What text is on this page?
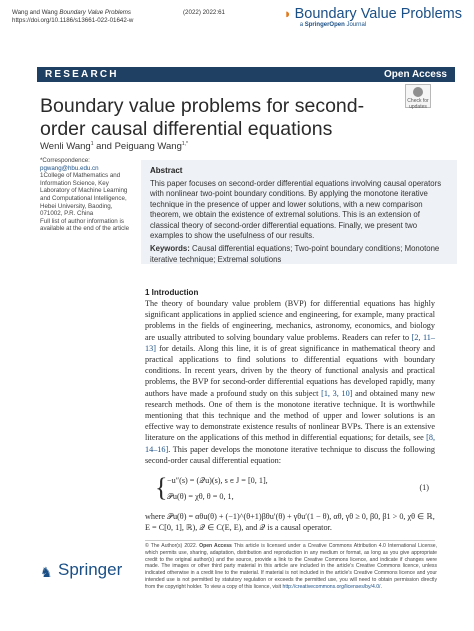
Wang and Wang Boundary Value Problems
https://doi.org/10.1186/s13661-022-01642-w
(2022) 2022:61	◗ Boundary Value Problems
a SpringerOpen Journal
RESEARCH	Open Access
Boundary value problems for second-order causal differential equations
Check for updates
Wenli Wang$^1$ and Peiguang Wang$^{1,*}$
*Correspondence:
pgwang@hbu.edu.cn
1College of Mathematics and Information Science, Key Laboratory of Machine Learning and Computational Intelligence, Hebei University, Baoding, 071002, P.R. China
Full list of author information is available at the end of the article
Abstract
This paper focuses on second-order differential equations involving causal operators with nonlinear two-point boundary conditions. By applying the monotone iterative technique in the presence of upper and lower solutions, with a new comparison theorem, we obtain the existence of extremal solutions. This is an extension of classical theory of second-order differential equations. Finally, we present two examples to show the usefulness of our results.
Keywords: Causal differential equations; Two-point boundary conditions; Monotone iterative technique; Extremal solutions
1 Introduction
The theory of boundary value problem (BVP) for differential equations has highly significant applications in applied science and engineering, for example, many practical problems in the fields of engineering, mechanics, astronomy, economics, and biology are usually attributed to solving boundary value problems. Readers can refer to [2, 11–13] for details. Along this line, it is of great significance in mathematical theory and practical applications to find solutions to differential equations with boundary conditions. In recent years, driven by the theory of functional analysis and practical problems, the BVP for second-order differential equations has developed rapidly, many authors have made a profound study on this subject [1, 3, 10] and obtained many new research methods. One of them is the monotone iterative technique. It is worthwhile mentioning that this technique and the method of upper and lower solutions is an effective way to demonstrate existence results of nonlinear BVPs. There is an extensive literature on the applications of this method in differential equations; for details, see [8, 14–16]. This paper develops the monotone iterative technique to discuss the following second-order causal differential equation:
{ −u″(s) = (𝒬u)(s), s ∈ J = [0, 1],
𝒫u(θ) = χθ, θ = 0, 1,
(1)
where 𝒫u(θ) = αθu(θ) + (−1)^(θ+1)βθu′(θ) + γθu′(1 − θ), αθ, γθ ≥ 0, β0, β1 > 0, χθ ∈ ℝ, E = C[0, 1], ℝ), 𝒬 ∈ C(E, E), and 𝒬 is a causal operator.
♞ Springer
© The Author(s) 2022. Open Access This article is licensed under a Creative Commons Attribution 4.0 International License, which permits use, sharing, adaptation, distribution and reproduction in any medium or format, as long as you give appropriate credit to the original author(s) and the source, provide a link to the Creative Commons licence, and indicate if changes were made. The images or other third party material in this article are included in the article's Creative Commons licence, unless indicated otherwise in a credit line to the material. If material is not included in the article's Creative Commons licence and your intended use is not permitted by statutory regulation or exceeds the permitted use, you will need to obtain permission directly from the copyright holder. To view a copy of this licence, visit http://creativecommons.org/licenses/by/4.0/.
